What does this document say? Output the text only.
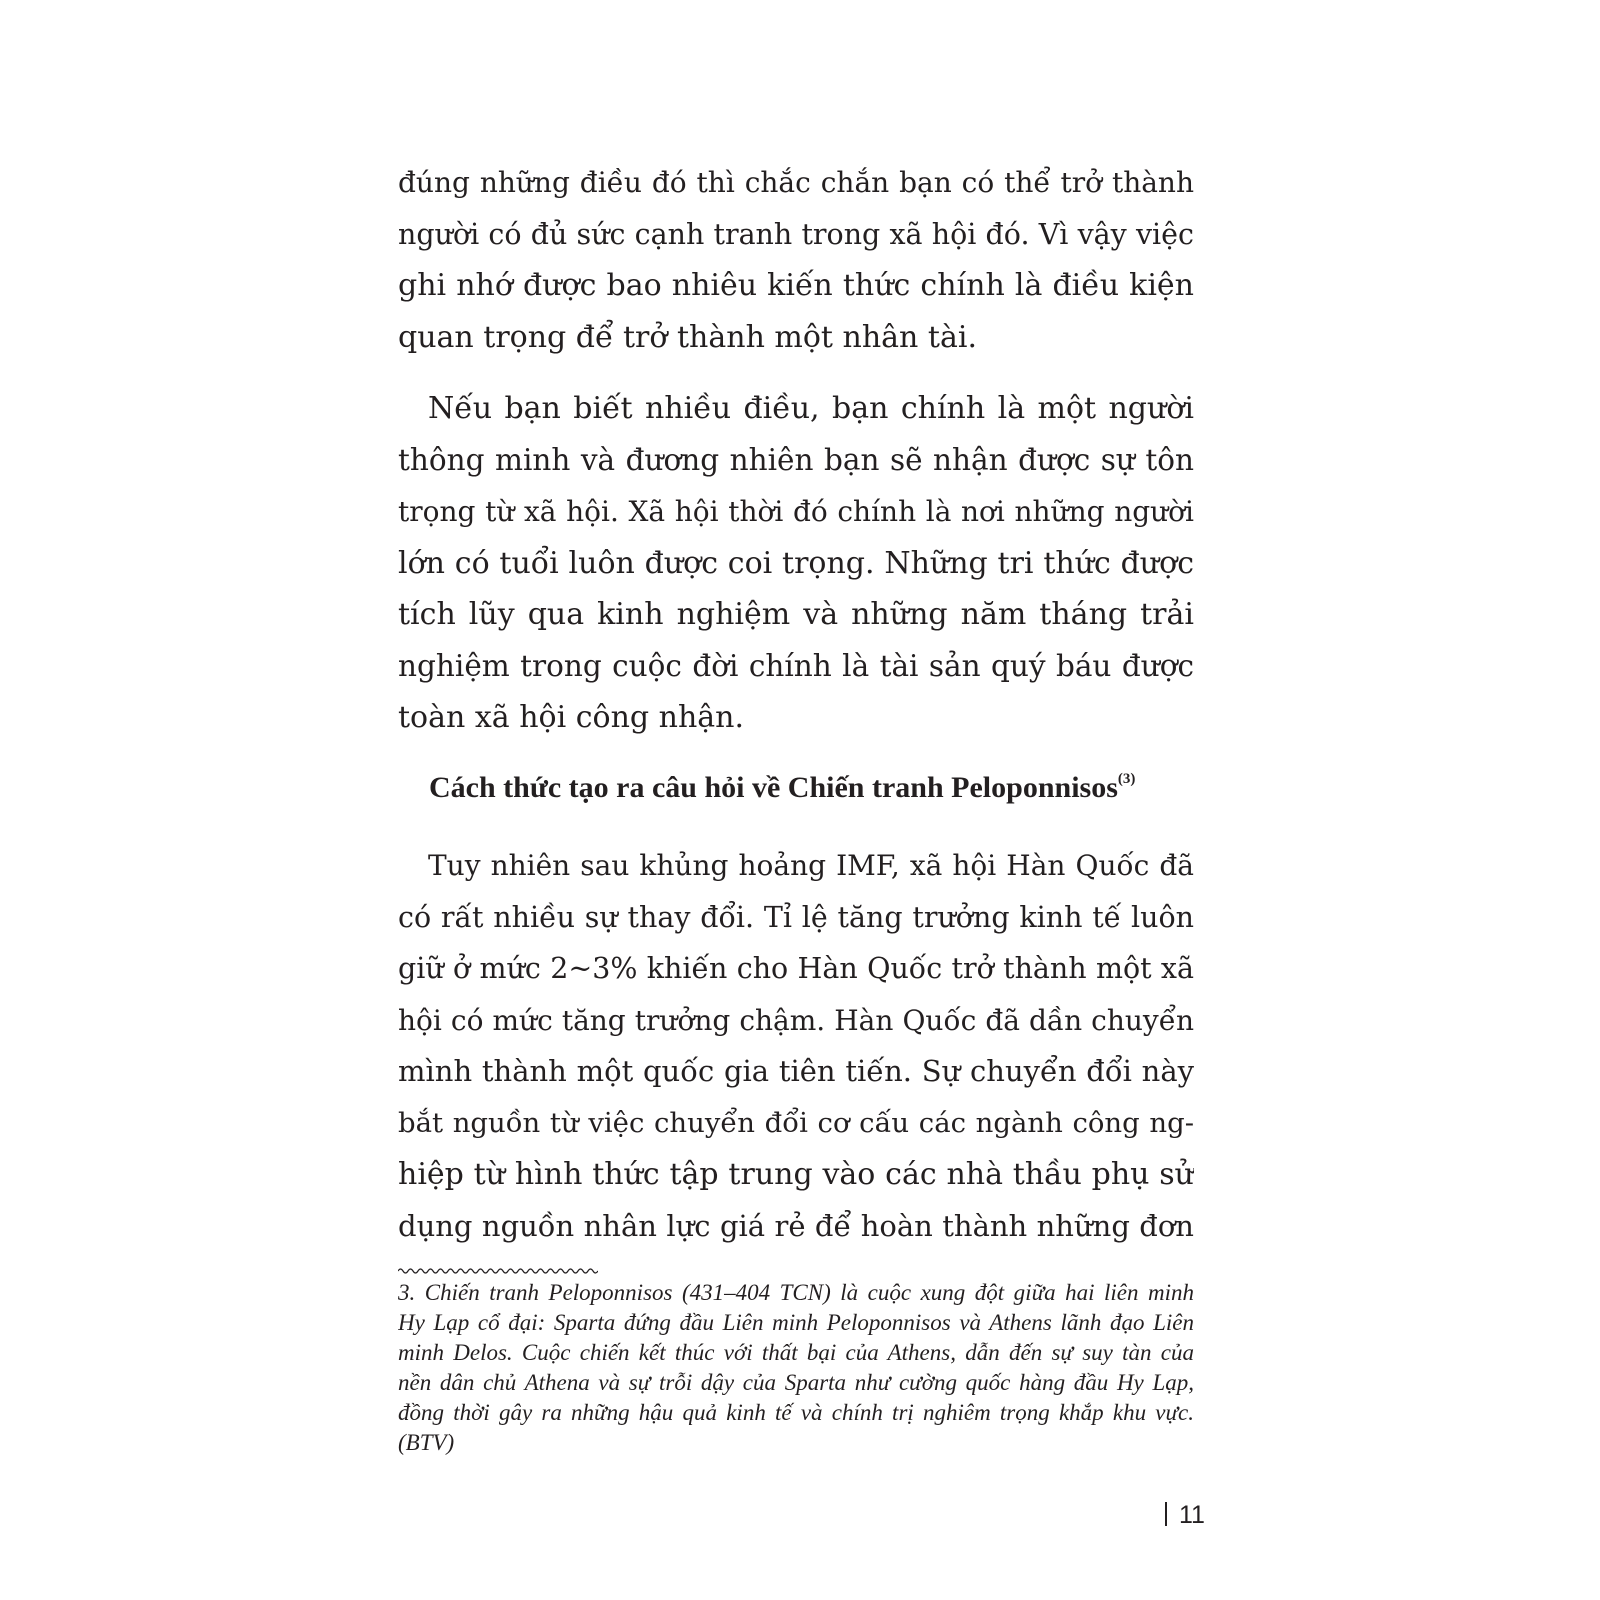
đúng những điều đó thì chắc chắn bạn có thể trở thành
người có đủ sức cạnh tranh trong xã hội đó. Vì vậy việc
ghi nhớ được bao nhiêu kiến thức chính là điều kiện
quan trọng để trở thành một nhân tài.
Nếu bạn biết nhiều điều, bạn chính là một người
thông minh và đương nhiên bạn sẽ nhận được sự tôn
trọng từ xã hội. Xã hội thời đó chính là nơi những người
lớn có tuổi luôn được coi trọng. Những tri thức được
tích lũy qua kinh nghiệm và những năm tháng trải
nghiệm trong cuộc đời chính là tài sản quý báu được
toàn xã hội công nhận.
Cách thức tạo ra câu hỏi về Chiến tranh Peloponnisos$^{(3)}$
Tuy nhiên sau khủng hoảng IMF, xã hội Hàn Quốc đã
có rất nhiều sự thay đổi. Tỉ lệ tăng trưởng kinh tế luôn
giữ ở mức 2~3% khiến cho Hàn Quốc trở thành một xã
hội có mức tăng trưởng chậm. Hàn Quốc đã dần chuyển
mình thành một quốc gia tiên tiến. Sự chuyển đổi này
bắt nguồn từ việc chuyển đổi cơ cấu các ngành công ng-
hiệp từ hình thức tập trung vào các nhà thầu phụ sử
dụng nguồn nhân lực giá rẻ để hoàn thành những đơn
3. Chiến tranh Peloponnisos (431–404 TCN) là cuộc xung đột giữa hai liên minh
Hy Lạp cổ đại: Sparta đứng đầu Liên minh Peloponnisos và Athens lãnh đạo Liên
minh Delos. Cuộc chiến kết thúc với thất bại của Athens, dẫn đến sự suy tàn của
nền dân chủ Athena và sự trỗi dậy của Sparta như cường quốc hàng đầu Hy Lạp,
đồng thời gây ra những hậu quả kinh tế và chính trị nghiêm trọng khắp khu vực.
(BTV)
11
